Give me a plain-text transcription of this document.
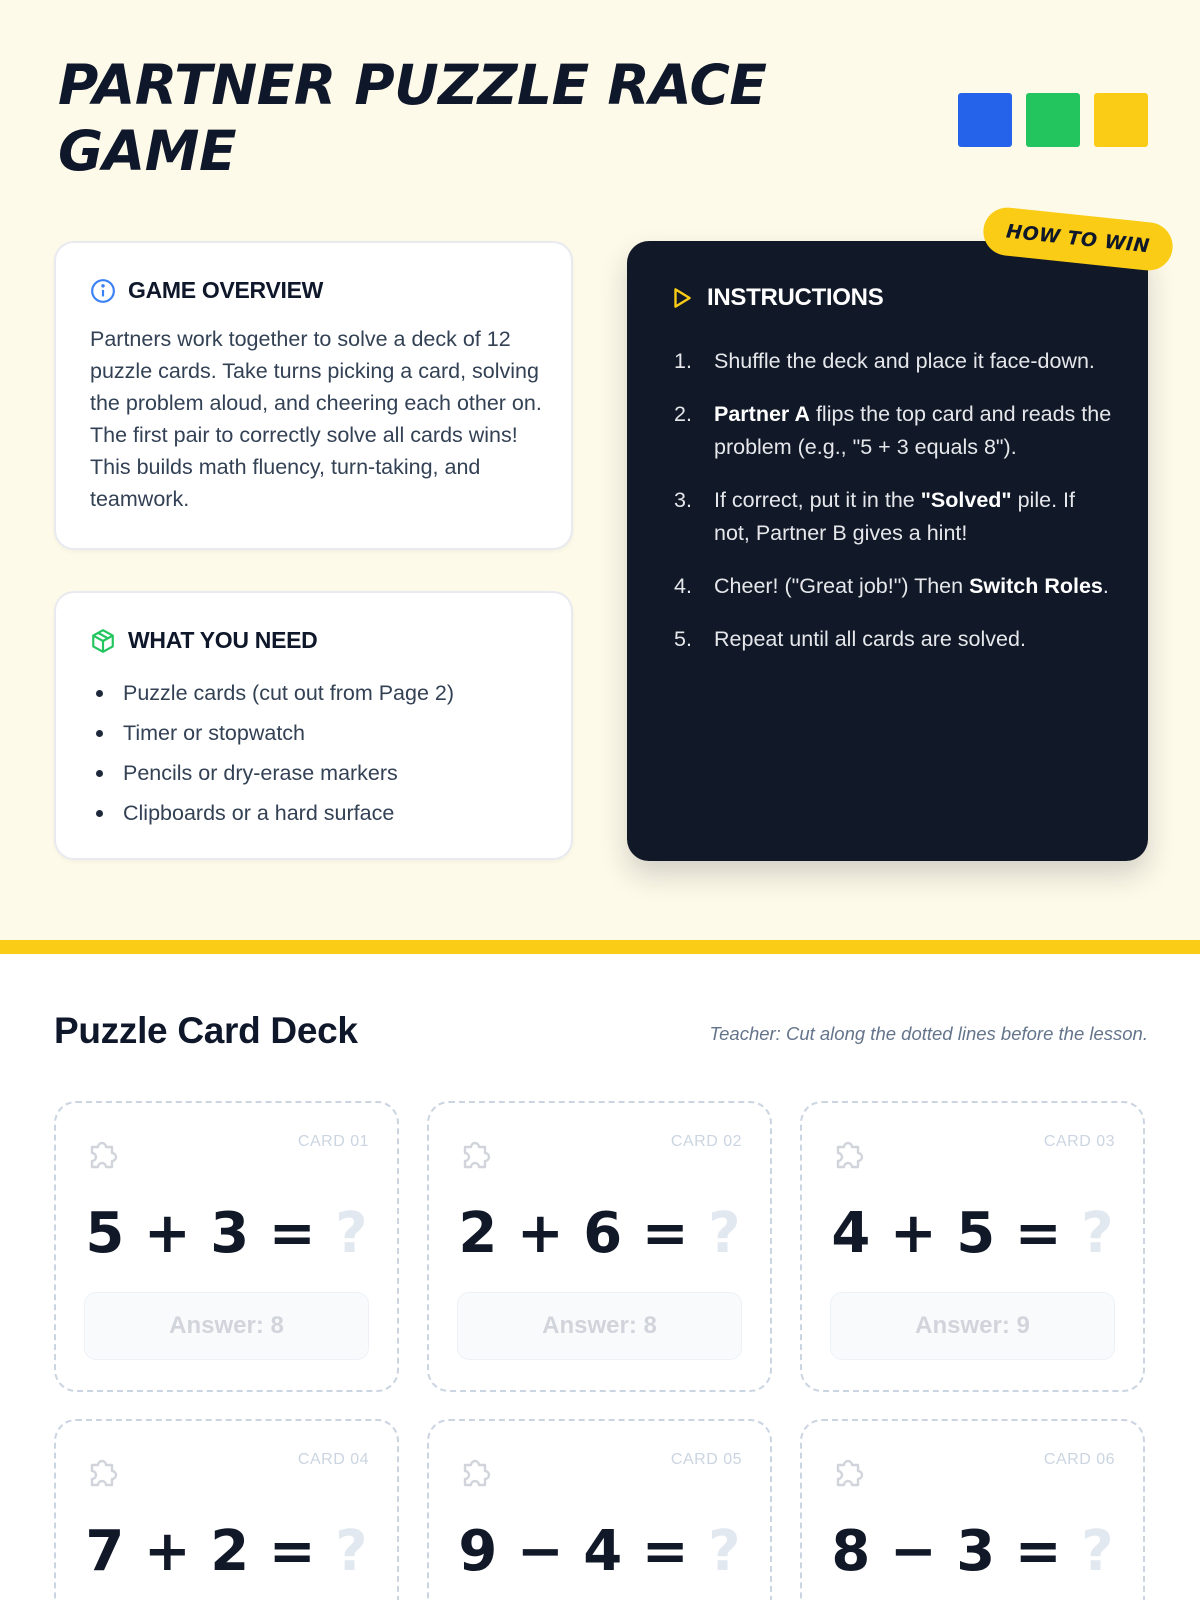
PARTNER PUZZLE RACE GAME
GAME OVERVIEW

Partners work together to solve a deck of 12 puzzle cards. Take turns picking a card, solving the problem aloud, and cheering each other on. The first pair to correctly solve all cards wins! This builds math fluency, turn-taking, and teamwork.

WHAT YOU NEED
Puzzle cards (cut out from Page 2)
Timer or stopwatch
Pencils or dry-erase markers
Clipboards or a hard surface
INSTRUCTIONS
1. Shuffle the deck and place it face-down.
2. Partner A flips the top card and reads the problem (e.g., "5 + 3 equals 8").
3. If correct, put it in the "Solved" pile. If not, Partner B gives a hint!
4. Cheer! ("Great job!") Then Switch Roles.
5. Repeat until all cards are solved.
HOW TO WIN
Puzzle Card Deck	Teacher: Cut along the dotted lines before the lesson.

CARD 01
5 + 3 = ?
Answer: 8
CARD 02
2 + 6 = ?
Answer: 8
CARD 03
4 + 5 = ?
Answer: 9
CARD 04
7 + 2 = ?
CARD 05
9 − 4 = ?
CARD 06
8 − 3 = ?
